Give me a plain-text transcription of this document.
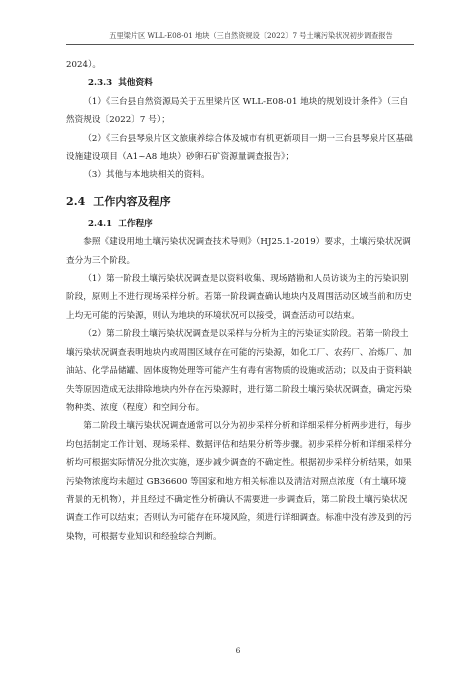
五里梁片区 WLL-E08-01 地块（三自然资规设〔2022〕7 号土壤污染状况初步调查报告

2024）。

2.3.3 其他资料

（1）《三台县自然资源局关于五里梁片区 WLL-E08-01 地块的规划设计条件》（三自然资规设〔2022〕7 号）；

（2）《三台县琴泉片区文旅康养综合体及城市有机更新项目一期一三台县琴泉片区基础设施建设项目（A1~A8 地块）砂卵石矿资源量调查报告》；

（3）其他与本地块相关的资料。

2.4 工作内容及程序

2.4.1 工作程序

参照《建设用地土壤污染状况调查技术导则》（HJ25.1-2019）要求，土壤污染状况调查分为三个阶段。

（1）第一阶段土壤污染状况调查是以资料收集、现场踏勘和人员访谈为主的污染识别阶段，原则上不进行现场采样分析。若第一阶段调查确认地块内及周围活动区域当前和历史上均无可能的污染源，则认为地块的环境状况可以接受，调查活动可以结束。

（2）第二阶段土壤污染状况调查是以采样与分析为主的污染证实阶段。若第一阶段土壤污染状况调查表明地块内或周围区域存在可能的污染源，如化工厂、农药厂、冶炼厂、加油站、化学品储罐、固体废物处理等可能产生有毒有害物质的设施或活动；以及由于资料缺失等原因造成无法排除地块内外存在污染源时，进行第二阶段土壤污染状况调查，确定污染物种类、浓度（程度）和空间分布。

第二阶段土壤污染状况调查通常可以分为初步采样分析和详细采样分析两步进行，每步均包括制定工作计划、现场采样、数据评估和结果分析等步骤。初步采样分析和详细采样分析均可根据实际情况分批次实施，逐步减少调查的不确定性。根据初步采样分析结果，如果污染物浓度均未超过 GB36600 等国家和地方相关标准以及清洁对照点浓度（有土壤环境背景的无机物），并且经过不确定性分析确认不需要进一步调查后，第二阶段土壤污染状况调查工作可以结束；否则认为可能存在环境风险，须进行详细调查。标准中没有涉及到的污染物，可根据专业知识和经验综合判断。

6
